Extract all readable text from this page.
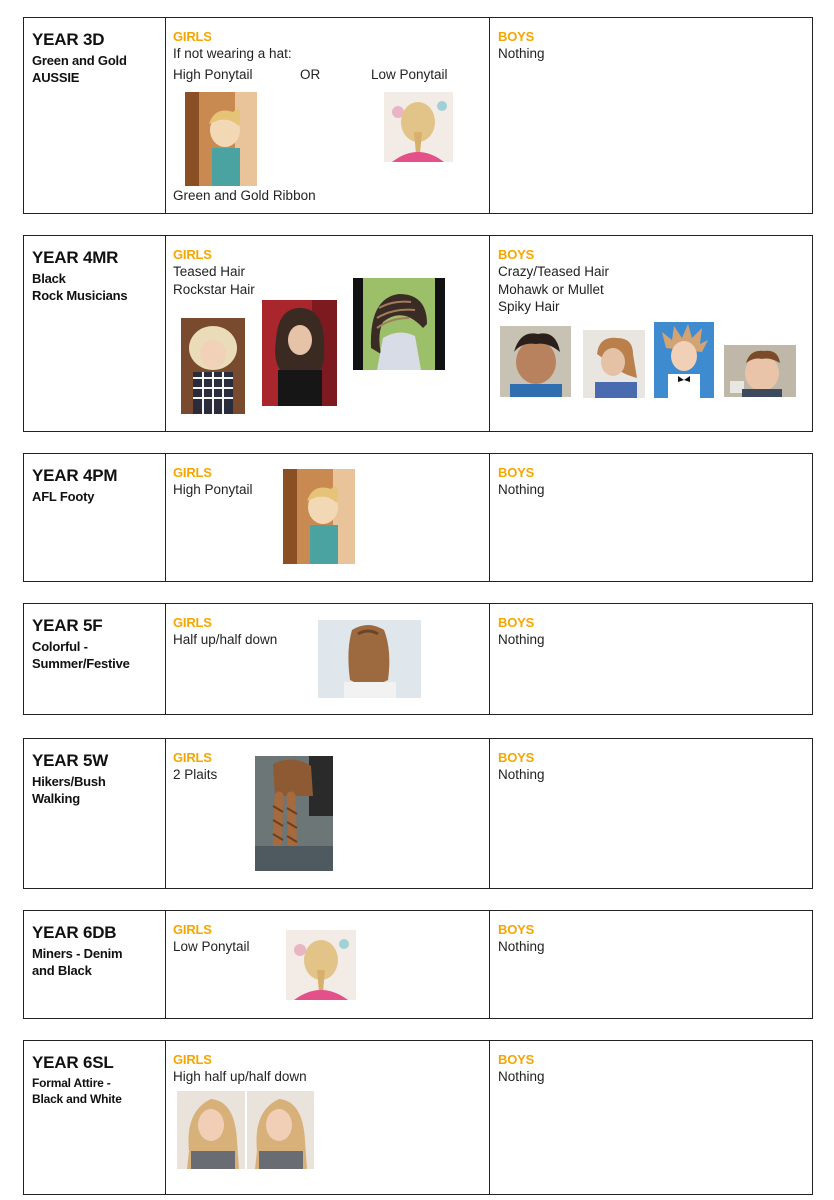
YEAR 3D
Green and Gold
AUSSIE
GIRLS
If not wearing a hat:
High Ponytail	OR	Low Ponytail
Green and Gold Ribbon
BOYS
Nothing
YEAR 4MR
Black
Rock Musicians
GIRLS
Teased Hair
Rockstar Hair
BOYS
Crazy/Teased Hair
Mohawk or Mullet
Spiky Hair
YEAR 4PM
AFL Footy
GIRLS
High Ponytail
BOYS
Nothing
YEAR 5F
Colorful -
Summer/Festive
GIRLS
Half up/half down
BOYS
Nothing
YEAR 5W
Hikers/Bush
Walking
GIRLS
2 Plaits
BOYS
Nothing
YEAR 6DB
Miners - Denim
and Black
GIRLS
Low Ponytail
BOYS
Nothing
YEAR 6SL
Formal Attire -
Black and White
GIRLS
High half up/half down
BOYS
Nothing
